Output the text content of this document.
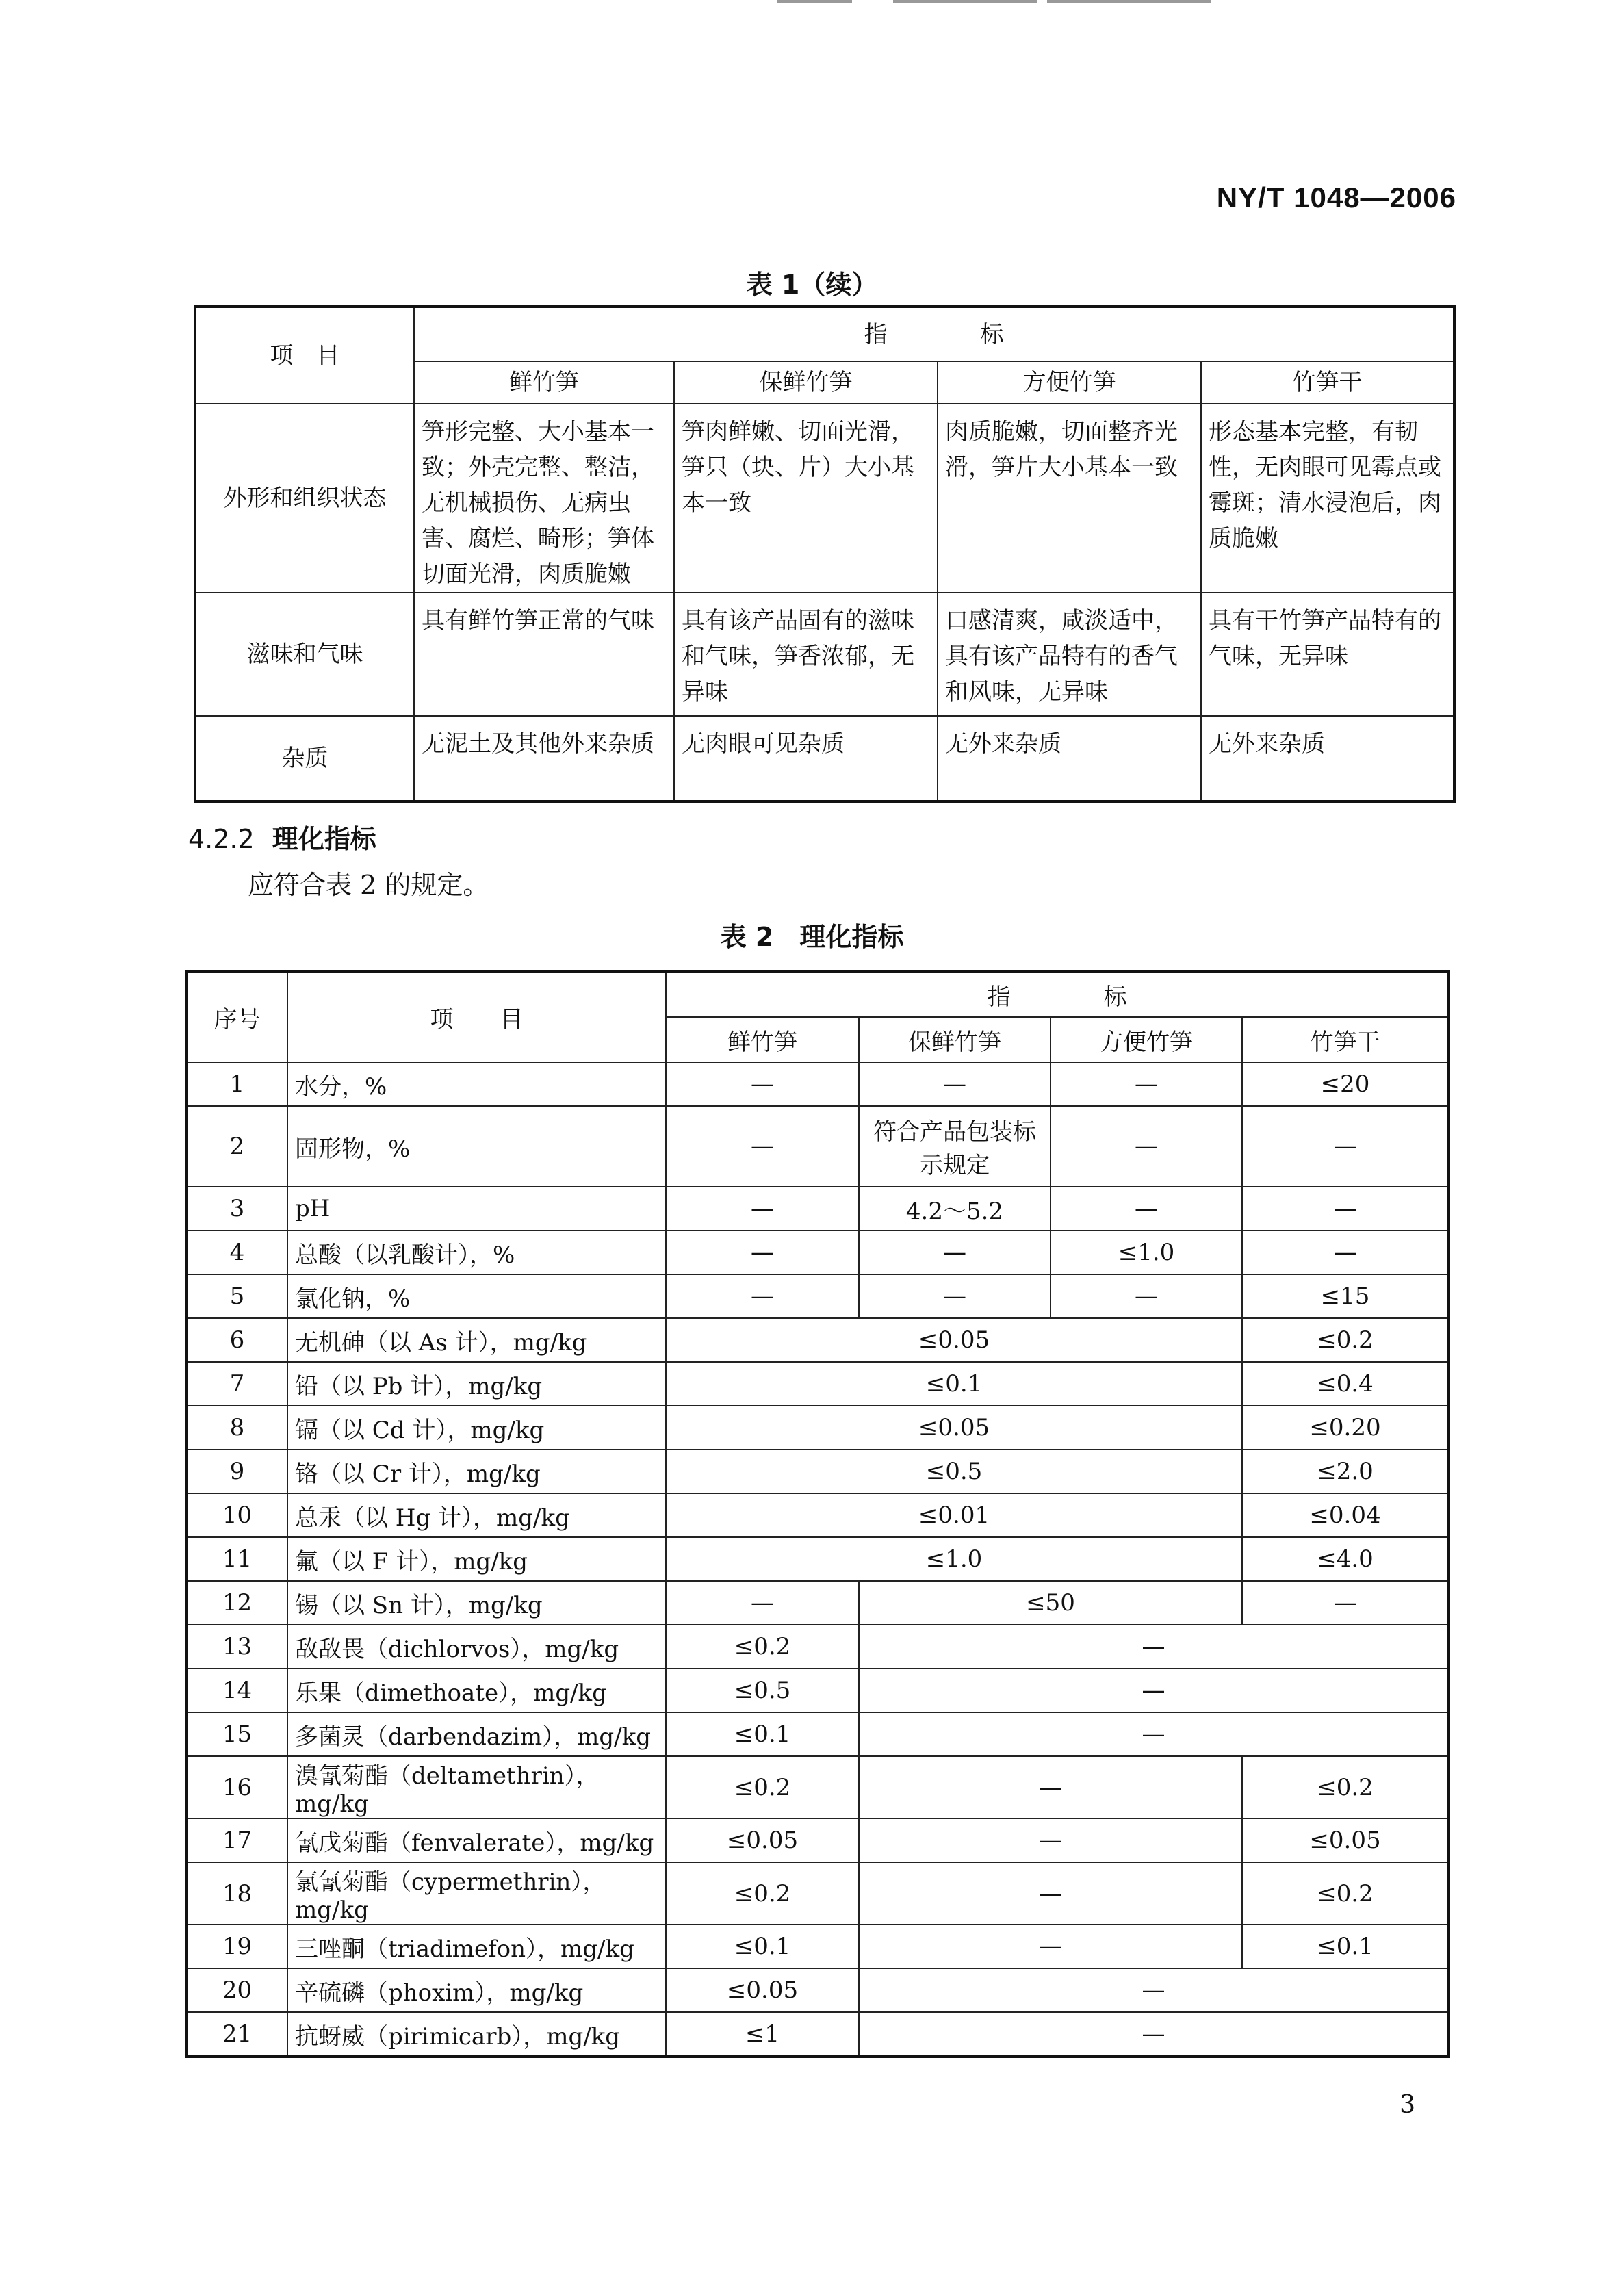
NY/T 1048—2006
表 1（续）
项　目	指　　　　标			
	鲜竹笋	保鲜竹笋	方便竹笋	竹笋干
外形和组织状态	笋形完整、大小基本一致；外壳完整、整洁，无机械损伤、无病虫害、腐烂、畸形；笋体切面光滑，肉质脆嫩	笋肉鲜嫩、切面光滑，笋只（块、片）大小基本一致	肉质脆嫩，切面整齐光滑，笋片大小基本一致	形态基本完整，有韧性，无肉眼可见霉点或霉斑；清水浸泡后，肉质脆嫩
滋味和气味	具有鲜竹笋正常的气味	具有该产品固有的滋味和气味，笋香浓郁，无异味	口感清爽，咸淡适中，具有该产品特有的香气和风味，无异味	具有干竹笋产品特有的气味，无异味
杂质	无泥土及其他外来杂质	无肉眼可见杂质	无外来杂质	无外来杂质
4.2.2 理化指标
应符合表 2 的规定。
表 2　理化指标
序号	项　　目	指　　　　标			
		鲜竹笋	保鲜竹笋	方便竹笋	竹笋干
1	水分，%	—	—	—	≤20
2	固形物，%	—	符合产品包装标示规定	—	—
3	pH	—	4.2～5.2	—	—
4	总酸（以乳酸计），%	—	—	≤1.0	—
5	氯化钠，%	—	—	—	≤15
6	无机砷（以 As 计），mg/kg	≤0.05			≤0.2
7	铅（以 Pb 计），mg/kg	≤0.1			≤0.4
8	镉（以 Cd 计），mg/kg	≤0.05			≤0.20
9	铬（以 Cr 计），mg/kg	≤0.5			≤2.0
10	总汞（以 Hg 计），mg/kg	≤0.01			≤0.04
11	氟（以 F 计），mg/kg	≤1.0			≤4.0
12	锡（以 Sn 计），mg/kg	—	≤50		—
13	敌敌畏（dichlorvos），mg/kg	≤0.2	—		
14	乐果（dimethoate），mg/kg	≤0.5	—		
15	多菌灵（darbendazim），mg/kg	≤0.1	—		
16	溴氰菊酯（deltamethrin），mg/kg	≤0.2	—		≤0.2
17	氰戊菊酯（fenvalerate），mg/kg	≤0.05	—		≤0.05
18	氯氰菊酯（cypermethrin），mg/kg	≤0.2	—		≤0.2
19	三唑酮（triadimefon），mg/kg	≤0.1	—		≤0.1
20	辛硫磷（phoxim），mg/kg	≤0.05	—		
21	抗蚜威（pirimicarb），mg/kg	≤1	—		
3
